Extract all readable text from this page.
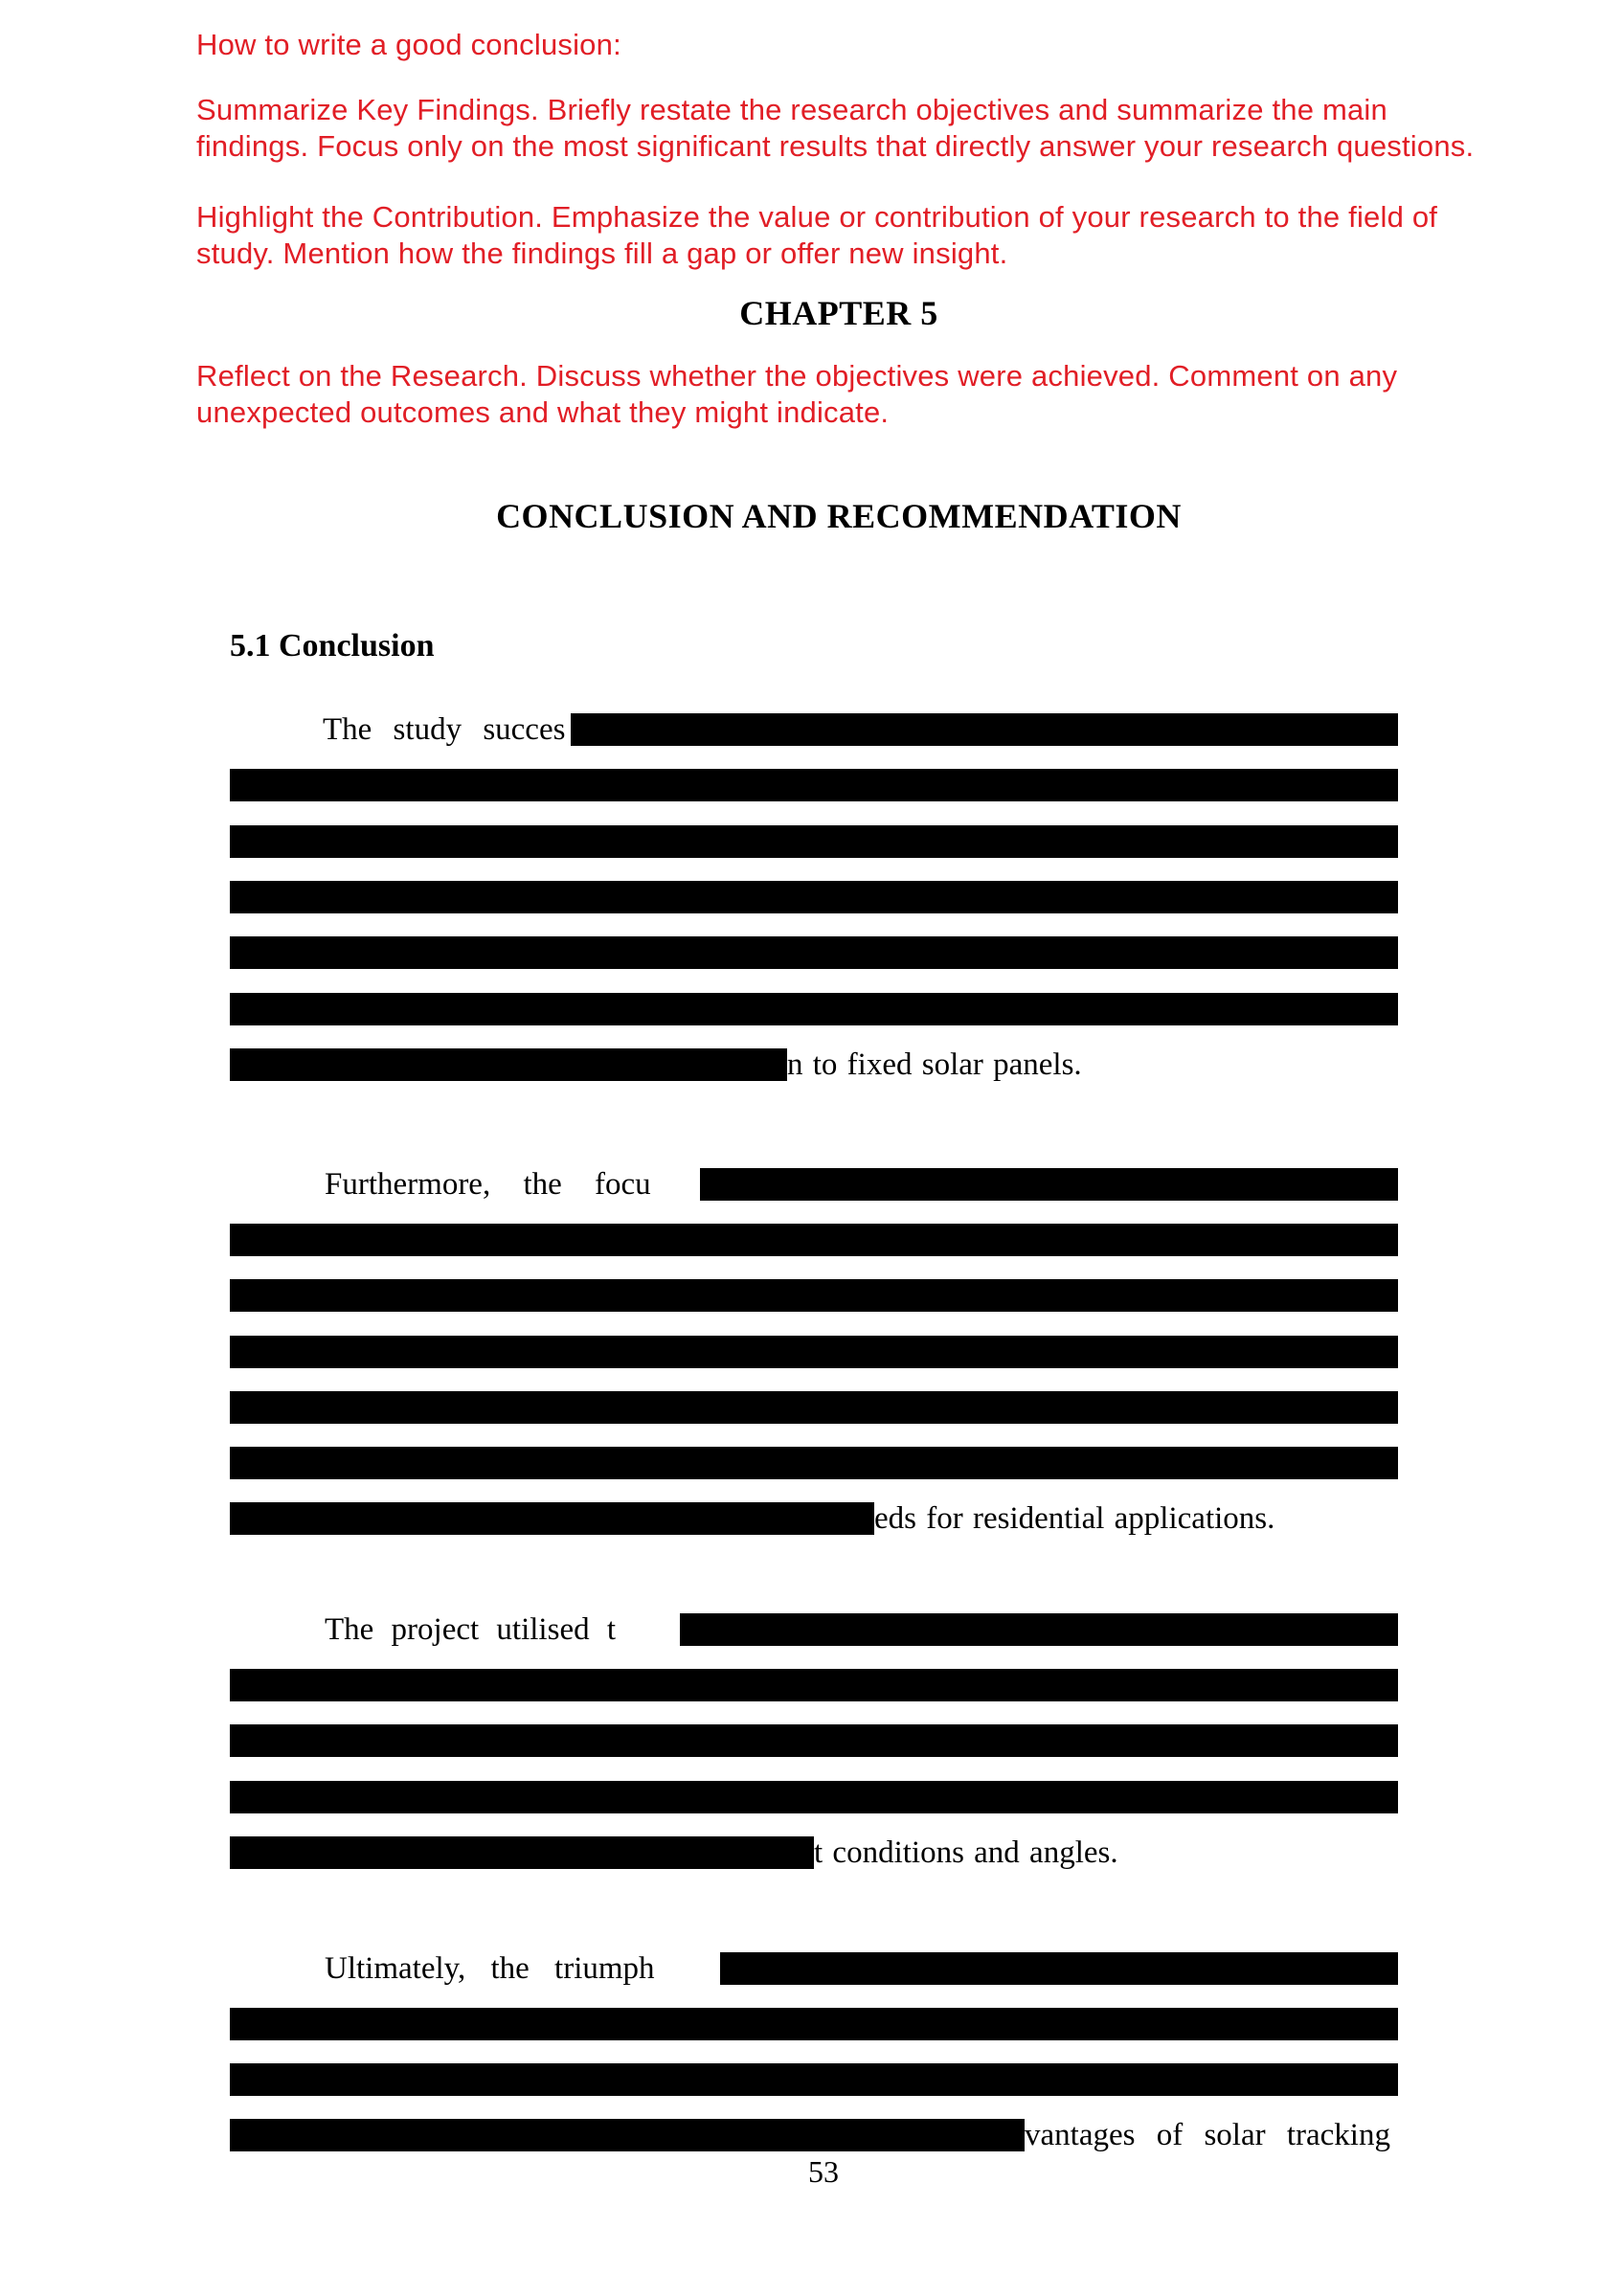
How to write a good conclusion:
Summarize Key Findings. Briefly restate the research objectives and summarize the main
findings. Focus only on the most significant results that directly answer your research questions.
Highlight the Contribution. Emphasize the value or contribution of your research to the field of
study. Mention how the findings fill a gap or offer new insight.
Reflect on the Research. Discuss whether the objectives were achieved. Comment on any
unexpected outcomes and what they might indicate.
CHAPTER 5
CONCLUSION AND RECOMMENDATION
5.1 Conclusion
The study succes
n to fixed solar panels.
Furthermore, the focu
eds for residential applications.
The project utilised t
t conditions and angles.
Ultimately, the triumph
vantages of solar tracking
53
